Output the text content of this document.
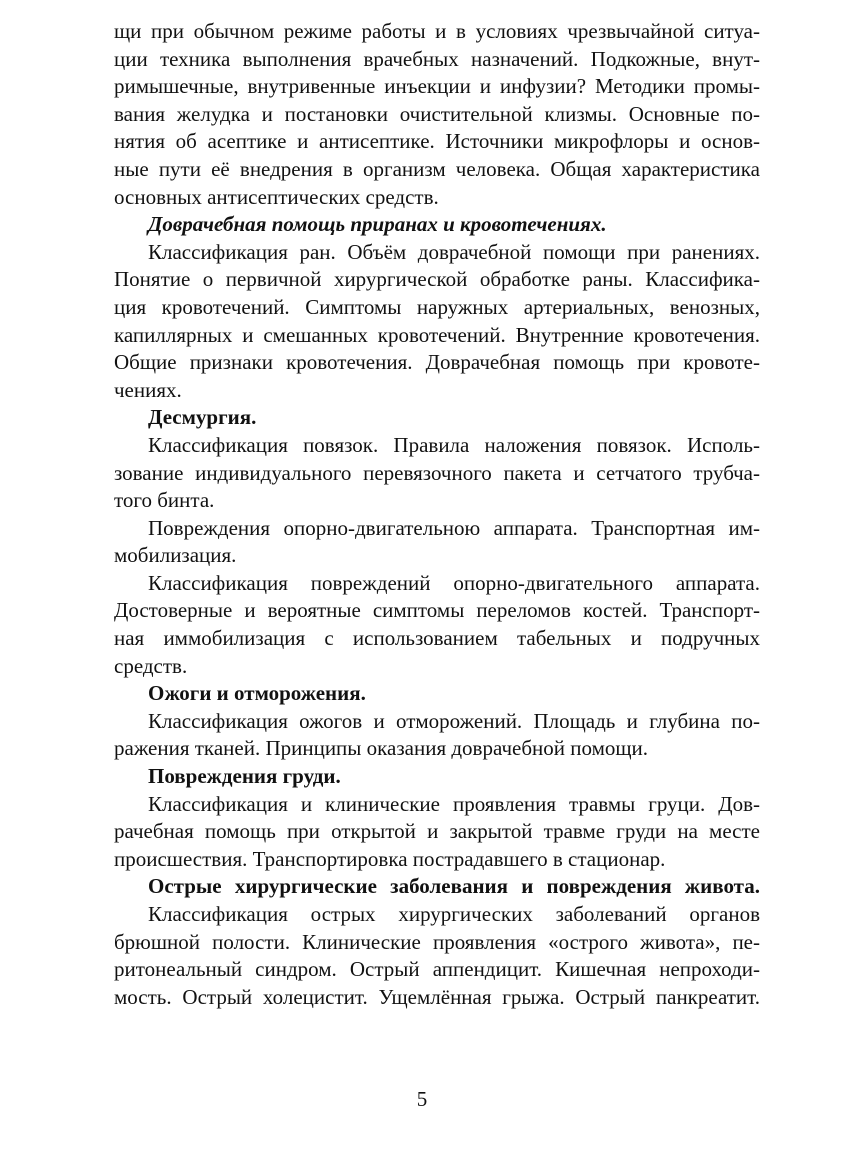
щи при обычном режиме работы и в условиях чрезвычайной ситуа-
ции техника выполнения врачебных назначений. Подкожные, внут-
римышечные, внутривенные инъекции и инфузии? Методики промы-
вания желудка и постановки очистительной клизмы. Основные по-
нятия об асептике и антисептике. Источники микрофлоры и основ-
ные пути её внедрения в организм человека. Общая характеристика
основных антисептических средств.
Доврачебная помощь приранах и кровотечениях.
Классификация ран. Объём доврачебной помощи при ранениях.
Понятие о первичной хирургической обработке раны. Классифика-
ция кровотечений. Симптомы наружных артериальных, венозных,
капиллярных и смешанных кровотечений. Внутренние кровотечения.
Общие признаки кровотечения. Доврачебная помощь при кровоте-
чениях.
Десмургия.
Классификация повязок. Правила наложения повязок. Исполь-
зование индивидуального перевязочного пакета и сетчатого трубча-
того бинта.
Повреждения опорно-двигательною аппарата. Транспортная им-
мобилизация.
Классификация повреждений опорно-двигательного аппарата.
Достоверные и вероятные симптомы переломов костей. Транспорт-
ная иммобилизация с использованием табельных и подручных
средств.
Ожоги и отморожения.
Классификация ожогов и отморожений. Площадь и глубина по-
ражения тканей. Принципы оказания доврачебной помощи.
Повреждения груди.
Классификация и клинические проявления травмы груци. Дов-
рачебная помощь при открытой и закрытой травме груди на месте
происшествия. Транспортировка пострадавшего в стационар.
Острые хирургические заболевания и повреждения живота.
Классификация острых хирургических заболеваний органов
брюшной полости. Клинические проявления «острого живота», пе-
ритонеальный синдром. Острый аппендицит. Кишечная непроходи-
мость. Острый холецистит. Ущемлённая грыжа. Острый панкреатит.
5
